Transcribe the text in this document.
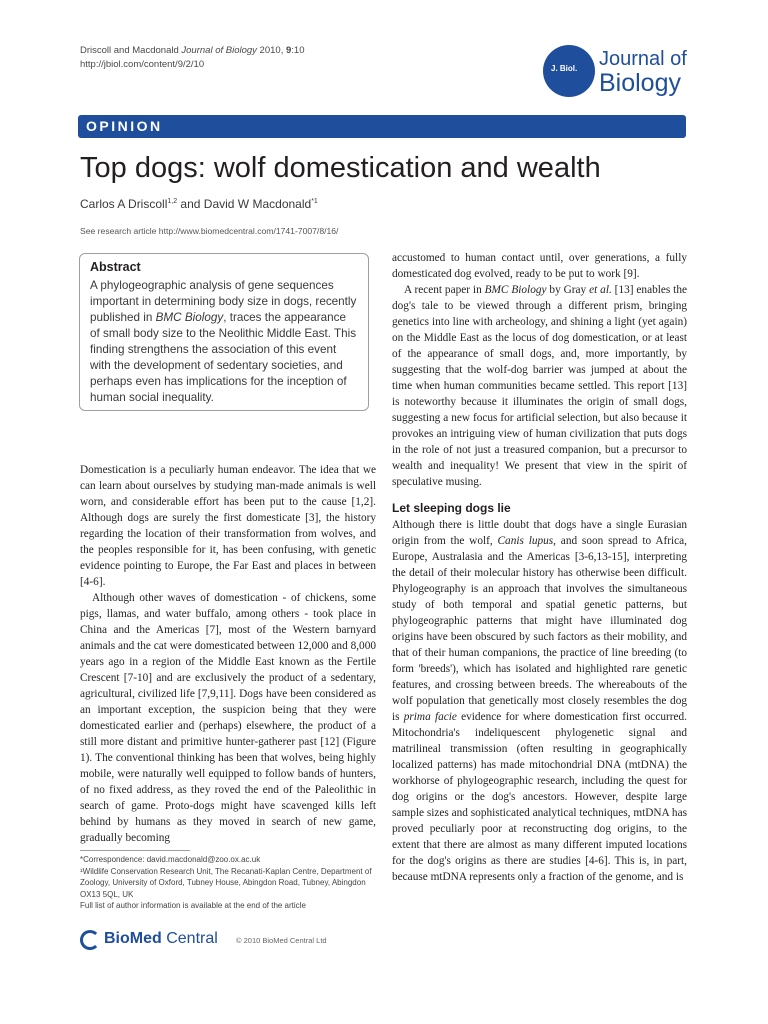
Driscoll and Macdonald Journal of Biology 2010, 9:10
http://jbiol.com/content/9/2/10	J. Biol.	Journal of
Biology
OPINION
Top dogs: wolf domestication and wealth
Carlos A Driscoll$^{1,2}$ and David W Macdonald$^{*1}$
See research article http://www.biomedcentral.com/1741-7007/8/16/
Abstract
A phylogeographic analysis of gene sequences important in determining body size in dogs, recently published in BMC Biology, traces the appearance of small body size to the Neolithic Middle East. This finding strengthens the association of this event with the development of sedentary societies, and perhaps even has implications for the inception of human social inequality.

Domestication is a peculiarly human endeavor. The idea that we can learn about ourselves by studying man-made animals is well worn, and considerable effort has been put to the cause [1,2]. Although dogs are surely the first domesticate [3], the history regarding the location of their transformation from wolves, and the peoples responsible for it, has been confusing, with genetic evidence pointing to Europe, the Far East and places in between [4-6].

Although other waves of domestication - of chickens, some pigs, llamas, and water buffalo, among others - took place in China and the Americas [7], most of the Western barnyard animals and the cat were domesticated between 12,000 and 8,000 years ago in a region of the Middle East known as the Fertile Crescent [7-10] and are exclusively the product of a sedentary, agricultural, civilized life [7,9,11]. Dogs have been considered as an important exception, the suspicion being that they were domesticated earlier and (perhaps) elsewhere, the product of a still more distant and primitive hunter-gatherer past [12] (Figure 1). The conventional thinking has been that wolves, being highly mobile, were naturally well equipped to follow bands of hunters, of no fixed address, as they roved the end of the Paleolithic in search of game. Proto-dogs might have scavenged kills left behind by humans as they moved in search of new game, gradually becoming

accustomed to human contact until, over generations, a fully domesticated dog evolved, ready to be put to work [9].

A recent paper in BMC Biology by Gray et al. [13] enables the dog's tale to be viewed through a different prism, bringing genetics into line with archeology, and shining a light (yet again) on the Middle East as the locus of dog domestication, or at least of the appearance of small dogs, and, more importantly, by suggesting that the wolf-dog barrier was jumped at about the time when human communities became settled. This report [13] is noteworthy because it illuminates the origin of small dogs, suggesting a new focus for artificial selection, but also because it provokes an intriguing view of human civilization that puts dogs in the role of not just a treasured companion, but a precursor to wealth and inequality! We present that view in the spirit of speculative musing.

Let sleeping dogs lie

Although there is little doubt that dogs have a single Eurasian origin from the wolf, Canis lupus, and soon spread to Africa, Europe, Australasia and the Americas [3-6,13-15], interpreting the detail of their molecular history has otherwise been difficult. Phylogeography is an approach that involves the simultaneous study of both temporal and spatial genetic patterns, but phylogeographic patterns that might have illuminated dog origins have been obscured by such factors as their mobility, and that of their human companions, the practice of line breeding (to form 'breeds'), which has isolated and highlighted rare genetic features, and crossing between breeds. The whereabouts of the wolf population that genetically most closely resembles the dog is prima facie evidence for where domestication first occurred. Mitochondria's indeliquescent phylogenetic signal and matrilineal transmission (often resulting in geographically localized patterns) has made mitochondrial DNA (mtDNA) the workhorse of phylogeographic research, including the quest for dog origins or the dog's ancestors. However, despite large sample sizes and sophisticated analytical techniques, mtDNA has proved peculiarly poor at reconstructing dog origins, to the extent that there are almost as many different imputed locations for the dog's origins as there are studies [4-6]. This is, in part, because mtDNA represents only a fraction of the genome, and is

*Correspondence: david.macdonald@zoo.ox.ac.uk

¹Wildlife Conservation Research Unit, The Recanati-Kaplan Centre, Department of Zoology, University of Oxford, Tubney House, Abingdon Road, Tubney, Abingdon OX13 5QL, UK

Full list of author information is available at the end of the article

BioMed Central © 2010 BioMed Central Ltd
